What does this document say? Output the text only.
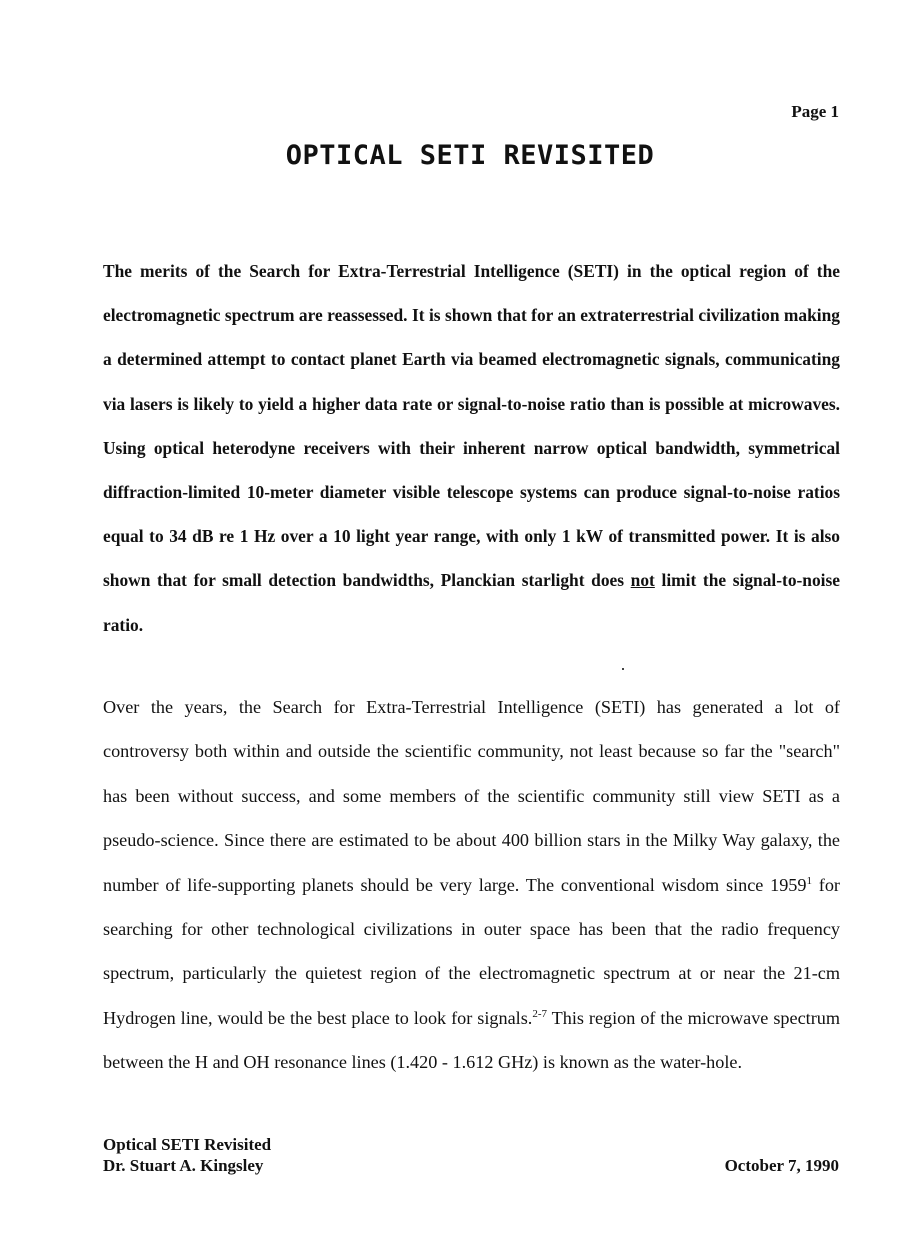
Page 1
OPTICAL SETI REVISITED

The merits of the Search for Extra-Terrestrial Intelligence (SETI) in the optical region of the electromagnetic spectrum are reassessed. It is shown that for an extraterrestrial civilization making a determined attempt to contact planet Earth via beamed electromagnetic signals, communicating via lasers is likely to yield a higher data rate or signal-to-noise ratio than is possible at microwaves. Using optical heterodyne receivers with their inherent narrow optical bandwidth, symmetrical diffraction-limited 10-meter diameter visible telescope systems can produce signal-to-noise ratios equal to 34 dB re 1 Hz over a 10 light year range, with only 1 kW of transmitted power. It is also shown that for small detection bandwidths, Planckian starlight does not limit the signal-to-noise ratio.

Over the years, the Search for Extra-Terrestrial Intelligence (SETI) has generated a lot of controversy both within and outside the scientific community, not least because so far the "search" has been without success, and some members of the scientific community still view SETI as a pseudo-science. Since there are estimated to be about 400 billion stars in the Milky Way galaxy, the number of life-supporting planets should be very large. The conventional wisdom since 1959$^1$ for searching for other technological civilizations in outer space has been that the radio frequency spectrum, particularly the quietest region of the electromagnetic spectrum at or near the 21-cm Hydrogen line, would be the best place to look for signals.$^{2-7}$ This region of the microwave spectrum between the H and OH resonance lines (1.420 - 1.612 GHz) is known as the water-hole.

Optical SETI Revisited
Dr. Stuart A. Kingsley	October 7, 1990
